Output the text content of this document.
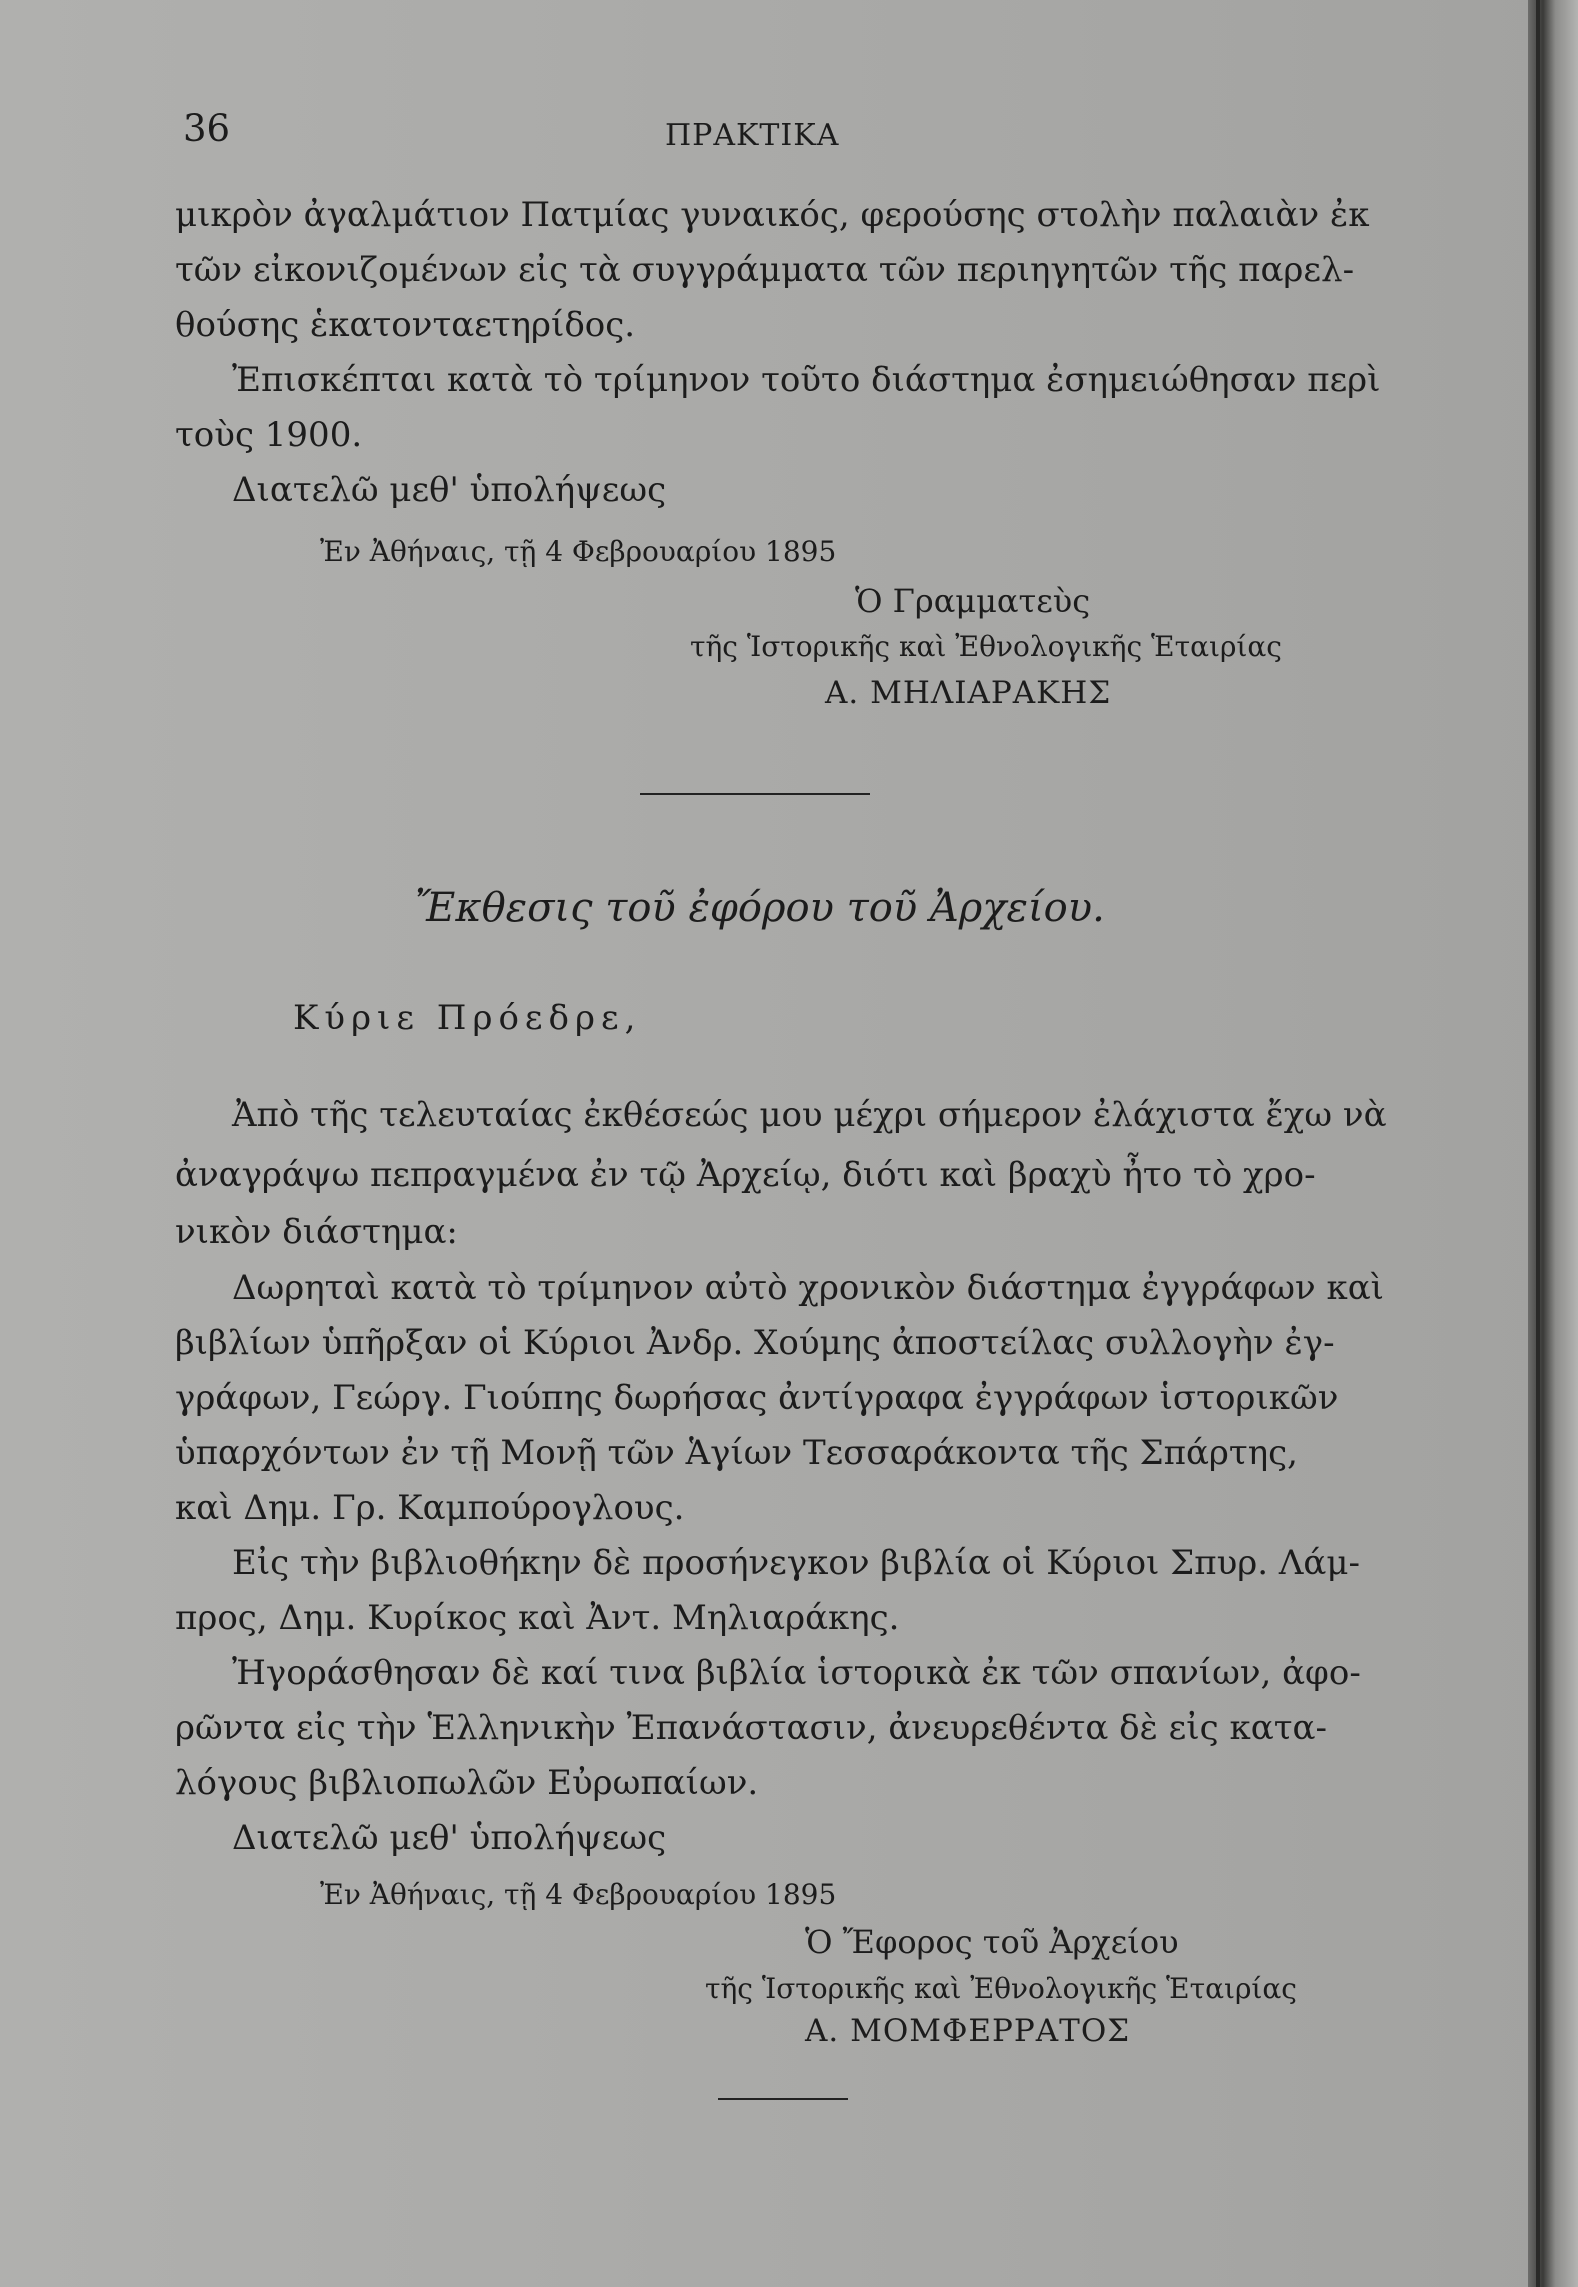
36	ΠΡΑΚΤΙΚΑ
μικρὸν ἀγαλμάτιον Πατμίας γυναικός, φερούσης στολὴν παλαιὰν ἐκ
τῶν εἰκονιζομένων εἰς τὰ συγγράμματα τῶν περιηγητῶν τῆς παρελ-
θούσης ἑκατονταετηρίδος.
Ἐπισκέπται κατὰ τὸ τρίμηνον τοῦτο διάστημα ἐσημειώθησαν περὶ
τοὺς 1900.
Διατελῶ μεθ' ὑπολήψεως
Ἐν Ἀθήναις, τῇ 4 Φεβρουαρίου 1895
Ὁ Γραμματεὺς
τῆς Ἱστορικῆς καὶ Ἐθνολογικῆς Ἑταιρίας
Α. ΜΗΛΙΑΡΑΚΗΣ
Ἔκθεσις τοῦ ἐφόρου τοῦ Ἀρχείου.
Κύριε Πρόεδρε,
Ἀπὸ τῆς τελευταίας ἐκθέσεώς μου μέχρι σήμερον ἐλάχιστα ἔχω νὰ
ἀναγράψω πεπραγμένα ἐν τῷ Ἀρχείῳ, διότι καὶ βραχὺ ἦτο τὸ χρο-
νικὸν διάστημα:
Δωρηταὶ κατὰ τὸ τρίμηνον αὐτὸ χρονικὸν διάστημα ἐγγράφων καὶ
βιβλίων ὑπῆρξαν οἱ Κύριοι Ἀνδρ. Χούμης ἀποστείλας συλλογὴν ἐγ-
γράφων, Γεώργ. Γιούπης δωρήσας ἀντίγραφα ἐγγράφων ἱστορικῶν
ὑπαρχόντων ἐν τῇ Μονῇ τῶν Ἁγίων Τεσσαράκοντα τῆς Σπάρτης,
καὶ Δημ. Γρ. Καμπούρογλους.
Εἰς τὴν βιβλιοθήκην δὲ προσήνεγκον βιβλία οἱ Κύριοι Σπυρ. Λάμ-
προς, Δημ. Κυρίκος καὶ Ἀντ. Μηλιαράκης.
Ἠγοράσθησαν δὲ καί τινα βιβλία ἱστορικὰ ἐκ τῶν σπανίων, ἀφο-
ρῶντα εἰς τὴν Ἑλληνικὴν Ἐπανάστασιν, ἀνευρεθέντα δὲ εἰς κατα-
λόγους βιβλιοπωλῶν Εὐρωπαίων.
Διατελῶ μεθ' ὑπολήψεως
Ἐν Ἀθήναις, τῇ 4 Φεβρουαρίου 1895
Ὁ Ἔφορος τοῦ Ἀρχείου
τῆς Ἱστορικῆς καὶ Ἐθνολογικῆς Ἑταιρίας
Α. ΜΟΜΦΕΡΡΑΤΟΣ
